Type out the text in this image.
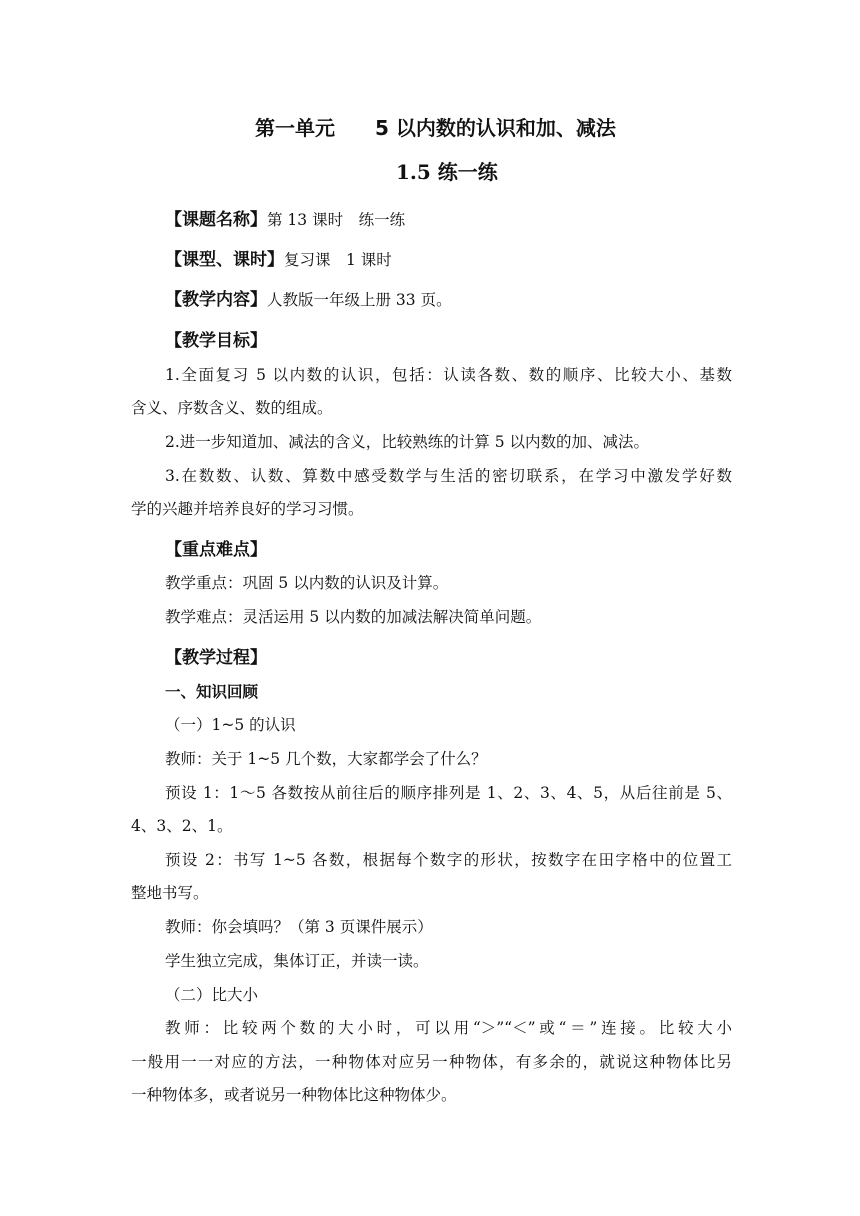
第一单元　　5 以内数的认识和加、减法
1.5 练一练
【课题名称】第 13 课时　练一练
【课型、课时】复习课　1 课时
【教学内容】人教版一年级上册 33 页。
【教学目标】
1.全面复习 5 以内数的认识，包括：认读各数、数的顺序、比较大小、基数
含义、序数含义、数的组成。
2.进一步知道加、减法的含义，比较熟练的计算 5 以内数的加、减法。
3.在数数、认数、算数中感受数学与生活的密切联系，在学习中激发学好数
学的兴趣并培养良好的学习习惯。
【重点难点】
教学重点：巩固 5 以内数的认识及计算。
教学难点：灵活运用 5 以内数的加减法解决简单问题。
【教学过程】
一、知识回顾
（一）1~5 的认识
教师：关于 1~5 几个数，大家都学会了什么？
预设 1：1～5 各数按从前往后的顺序排列是 1、2、3、4、5，从后往前是 5、
4、3、2、1。
预设 2：书写 1~5 各数，根据每个数字的形状，按数字在田字格中的位置工
整地书写。
教师：你会填吗？（第 3 页课件展示）
学生独立完成，集体订正，并读一读。
（二）比大小
教师：比较两个数的大小时，可以用“＞”“＜”或“＝”连接。比较大小
一般用一一对应的方法，一种物体对应另一种物体，有多余的，就说这种物体比另
一种物体多，或者说另一种物体比这种物体少。
